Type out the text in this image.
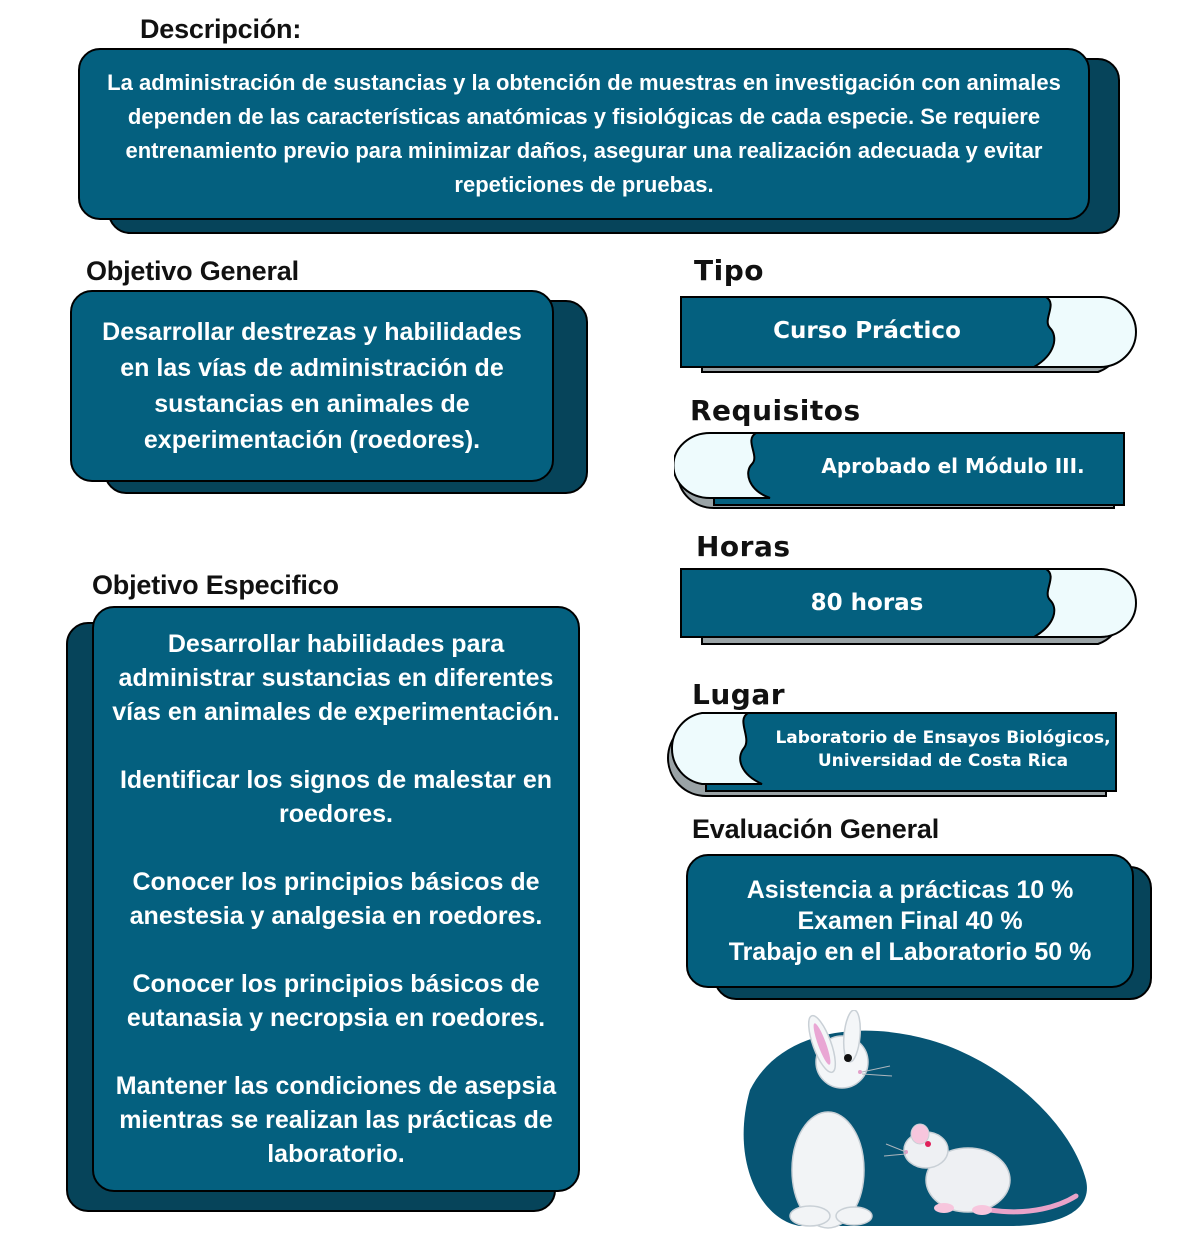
Descripción:
La administración de sustancias y la obtención de muestras en investigación con animales dependen de las características anatómicas y fisiológicas de cada especie. Se requiere entrenamiento previo para minimizar daños, asegurar una realización adecuada y evitar repeticiones de pruebas.
Objetivo General
Desarrollar destrezas y habilidades en las vías de administración de sustancias en animales de experimentación (roedores).
Objetivo Especifico
Desarrollar habilidades para administrar sustancias en diferentes vías en animales de experimentación.
Identificar los signos de malestar en roedores.
Conocer los principios básicos de anestesia y analgesia en roedores.
Conocer los principios básicos de eutanasia y necropsia en roedores.
Mantener las condiciones de asepsia mientras se realizan las prácticas de laboratorio.
Tipo
Curso Práctico
Requisitos
Aprobado el Módulo III.
Horas
80 horas
Lugar
Laboratorio de Ensayos Biológicos, Universidad de Costa Rica
Evaluación General
Asistencia a prácticas 10 %
Examen Final 40 %
Trabajo en el Laboratorio 50 %
